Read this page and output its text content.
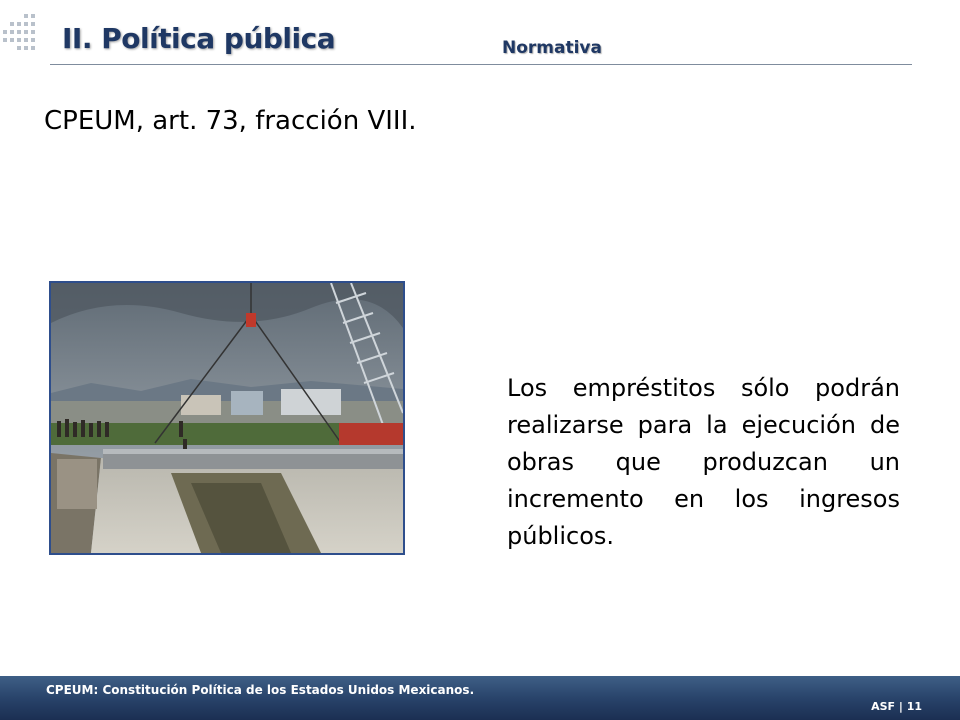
II. Política pública	Normativa
CPEUM, art. 73, fracción VIII.
Los empréstitos sólo podrán realizarse para la ejecución de obras que produzcan un incremento en los ingresos públicos.
CPEUM: Constitución Política de los Estados Unidos Mexicanos.
ASF | 11
